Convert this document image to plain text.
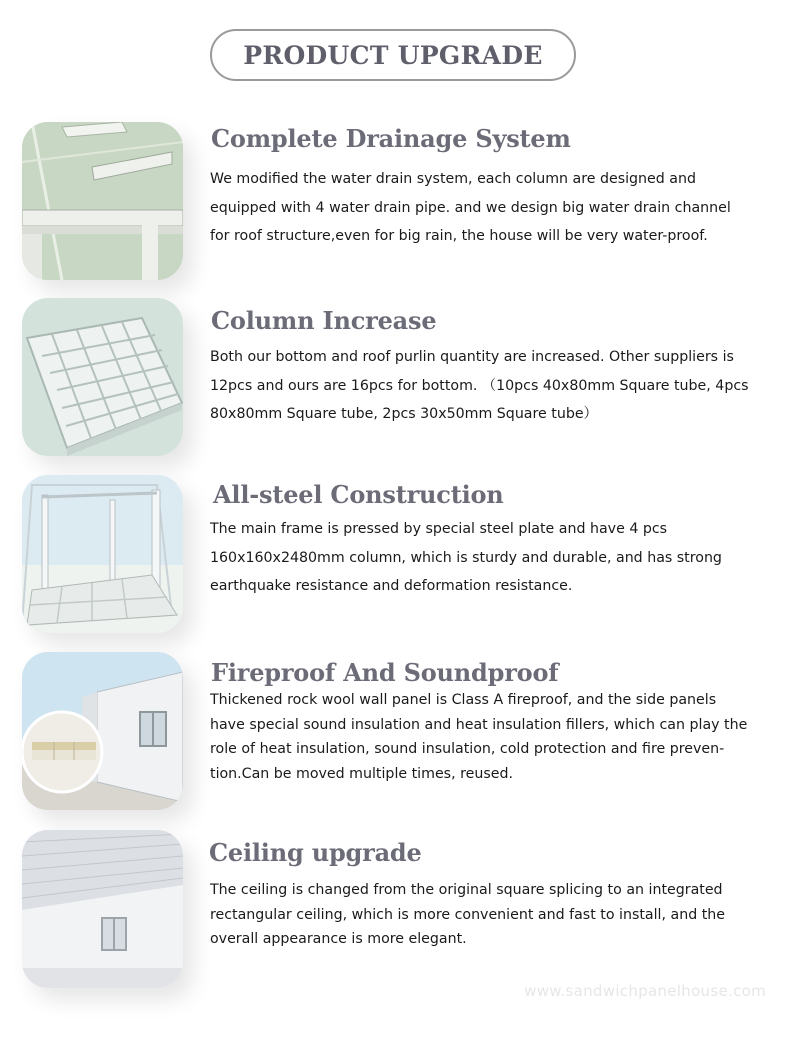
PRODUCT UPGRADE
Complete Drainage System
We modified the water drain system, each column are designed and
equipped with 4 water drain pipe. and we design big water drain channel
for roof structure,even for big rain, the house will be very water-proof.
Column Increase
Both our bottom and roof purlin quantity are increased. Other suppliers is
12pcs and ours are 16pcs for bottom. （10pcs 40x80mm Square tube, 4pcs
80x80mm Square tube, 2pcs 30x50mm Square tube）
All-steel Construction
The main frame is pressed by special steel plate and have 4 pcs
160x160x2480mm column, which is sturdy and durable, and has strong
earthquake resistance and deformation resistance.
Fireproof And Soundproof
Thickened rock wool wall panel is Class A fireproof, and the side panels
have special sound insulation and heat insulation fillers, which can play the
role of heat insulation, sound insulation, cold protection and fire preven-
tion.Can be moved multiple times, reused.
Ceiling upgrade
The ceiling is changed from the original square splicing to an integrated
rectangular ceiling, which is more convenient and fast to install, and the
overall appearance is more elegant.
www.sandwichpanelhouse.com
